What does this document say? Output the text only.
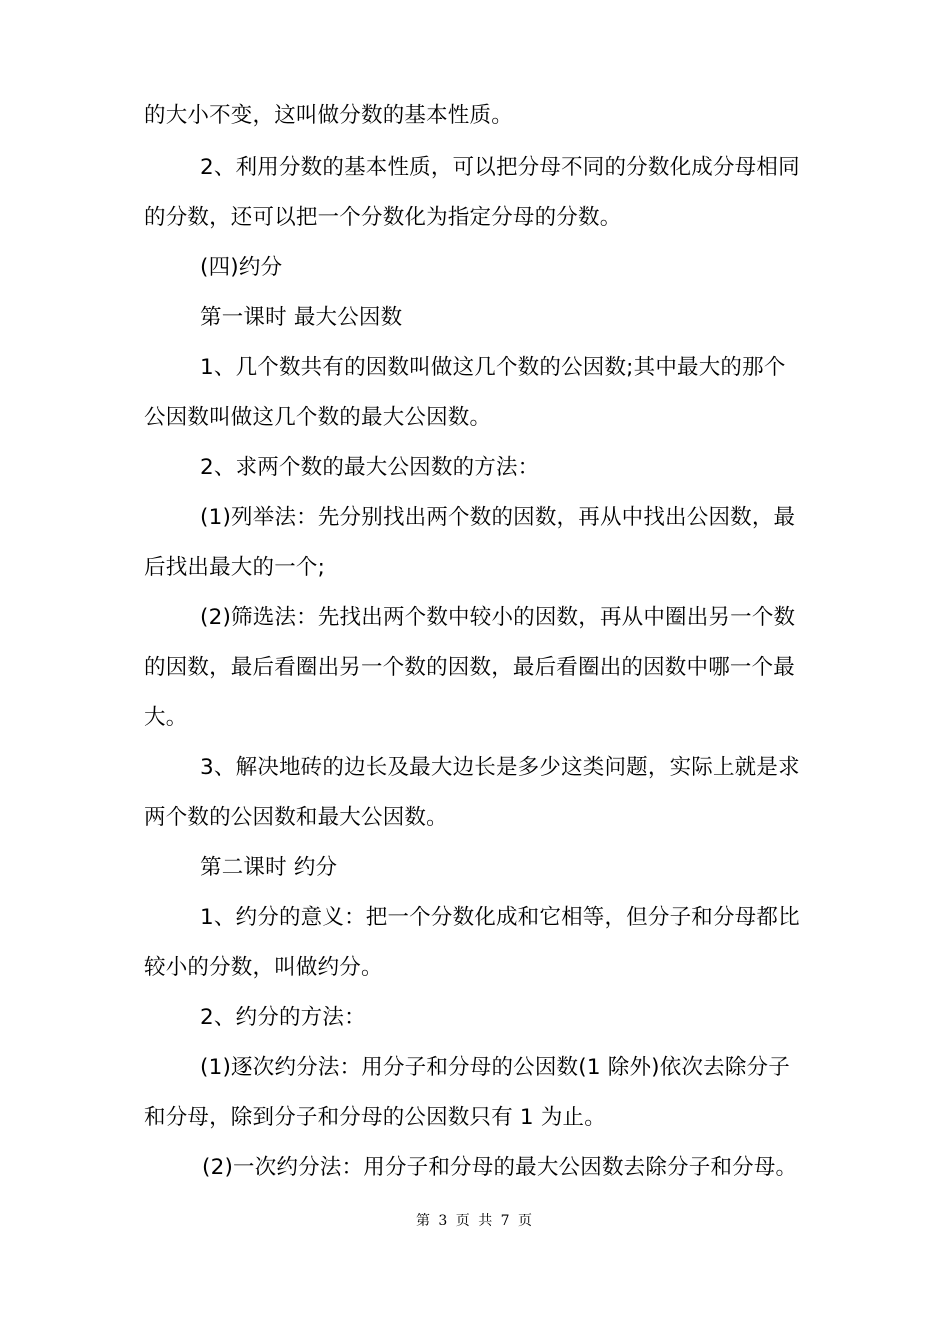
的大小不变，这叫做分数的基本性质。
2、利用分数的基本性质，可以把分母不同的分数化成分母相同
的分数，还可以把一个分数化为指定分母的分数。
(四)约分
第一课时 最大公因数
1、几个数共有的因数叫做这几个数的公因数;其中最大的那个
公因数叫做这几个数的最大公因数。
2、求两个数的最大公因数的方法：
(1)列举法：先分别找出两个数的因数，再从中找出公因数，最
后找出最大的一个;
(2)筛选法：先找出两个数中较小的因数，再从中圈出另一个数
的因数，最后看圈出另一个数的因数，最后看圈出的因数中哪一个最
大。
3、解决地砖的边长及最大边长是多少这类问题，实际上就是求
两个数的公因数和最大公因数。
第二课时 约分
1、约分的意义：把一个分数化成和它相等，但分子和分母都比
较小的分数，叫做约分。
2、约分的方法：
(1)逐次约分法：用分子和分母的公因数(1 除外)依次去除分子
和分母，除到分子和分母的公因数只有 1 为止。
(2)一次约分法：用分子和分母的最大公因数去除分子和分母。
第 3 页 共 7 页
